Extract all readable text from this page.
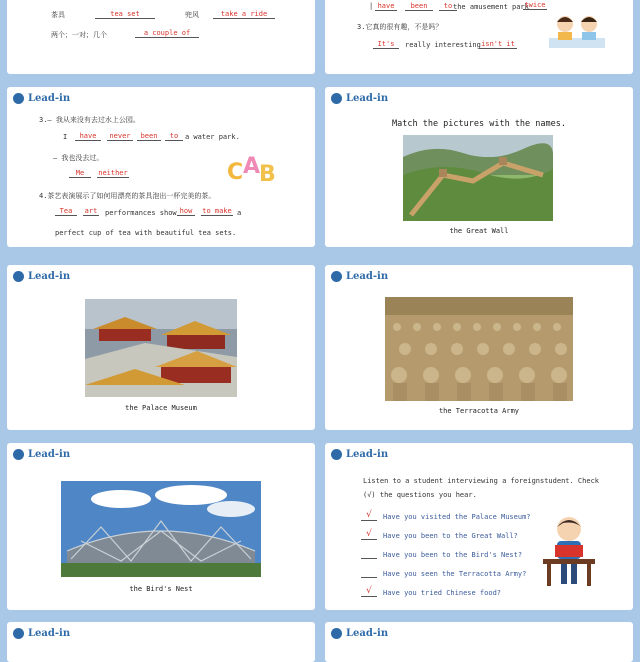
茶具	tea set	兜风	take a ride
两个；一对；几个	a couple of
| have	been	to the amusement park
twice
3.它真的很有趣，不是吗？
It's	really interesting isn't it
Lead-in
3.— 我从来没有去过水上公园。
I	have	never	been	to a water park.
— 我也没去过。
Me	neither
4.茶艺表演展示了如何用漂亮的茶具泡出一杯完美的茶。
Tea	art performances show how	to make a
perfect cup of tea with beautiful tea sets.
C A
B
Lead-in
Match the pictures with the names.
the Great Wall
Lead-in
the Palace Museum
Lead-in
the Terracotta Army
Lead-in
the Bird's Nest
Lead-in
Listen to a student interviewing a foreignstudent. Check
(√) the questions you hear.
√	Have you visited the Palace Museum?
√	Have you been to the Great Wall?
Have you been to the Bird's Nest?
Have you seen the Terracotta Army?
√	Have you tried Chinese food?
Lead-in	Lead-in
